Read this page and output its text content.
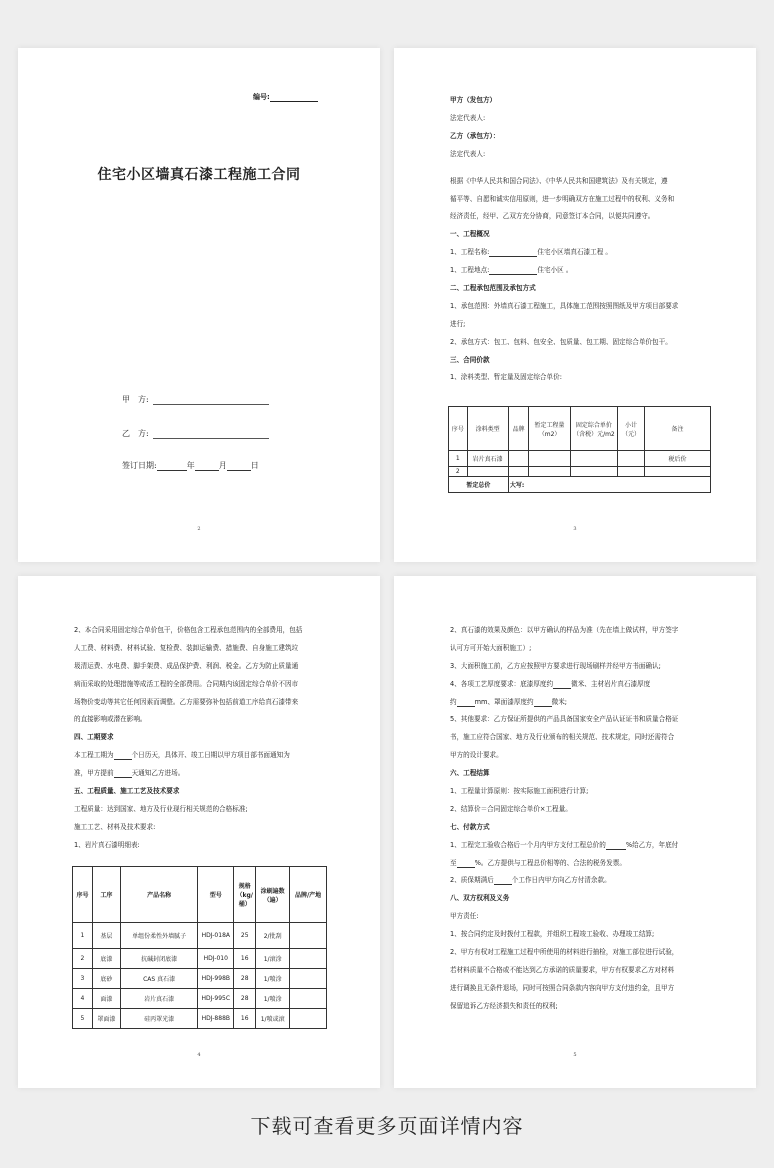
编号:
住宅小区墙真石漆工程施工合同
甲　方:
乙　方:
签订日期:	年	月	日
2

甲方（发包方）

法定代表人:

乙方（承包方）：

法定代表人:

根据《中华人民共和国合同法》、《中华人民共和国建筑法》及有关规定，遵

循平等、自愿和诚实信用原则，进一步明确双方在施工过程中的权利、义务和

经济责任，经甲、乙双方充分协商，同意签订本合同，以便共同遵守。

一、工程概况

1、工程名称:	住宅小区墙真石漆工程 。

1、工程地点:	住宅小区 。

二、工程承包范围及承包方式

1、承包范围：外墙真石漆工程施工，具体施工范围按照图纸及甲方项目部要求

进行;

2、承包方式：包工、包料、包安全、包质量、包工期、固定综合单价包干。

三、合同价款

1、涂料类型、暂定量及固定综合单价:

序号	涂料类型	品牌	暂定工程量（m2）	固定综合单价（含税）元/m2	小计（元）	备注
1	岩片真石漆					税后价
2						
暂定总价		大写:				
3

2、本合同采用固定综合单价包干，价格包含工程承包范围内的全部费用，包括

人工费、材料费、材料试验、复检费、装卸运输费、措施费、自身施工建筑垃

圾清运费、水电费、脚手架费、成品保护费、利润、税金。乙方为防止质量通

病而采取的处理措施等成活工程的全部费用。合同期内该固定综合单价不因市

场物价变动等其它任何因素而调整。乙方需要弥补包括前道工序给真石漆带来

的直接影响或潜在影响。

四、工期要求

本工程工期为	个日历天，具体开、竣工日期以甲方项目部书面通知为

准，甲方提前	天通知乙方进场。

五、工程质量、施工工艺及技术要求

工程质量：达到国家、地方及行业现行相关规范的合格标准;

施工工艺、材料及技术要求:

1、岩片真石漆明细表:

序号	工序	产品名称	型号	规格（kg/桶）	涂刷遍数（遍）	品牌/产地
1	基层	单组份柔性外墙腻子	HDJ-018A	25	2/批刮	
2	底漆	抗碱封闭底漆	HDJ-010	16	1/滚涂	
3	底砂	CAS 真石漆	HDJ-998B	28	1/喷涂	
4	面漆	岩片真石漆	HDJ-995C	28	1/喷涂	
5	罩面漆	硅丙罩光漆	HDJ-888B	16	1/喷或滚	
4

2、真石漆的效果及颜色：以甲方确认的样品为准（先在墙上做试样，甲方签字

认可方可开始大面积施工）;

3、大面积施工前，乙方应按照甲方要求进行现场刷样并经甲方书面确认;

4、各项工艺厚度要求：底漆厚度约	微米、主材岩片真石漆厚度

约	mm、罩面漆厚度约	微米;

5、其他要求：乙方保证所提供的产品具备国家安全产品认证证书和质量合格证

书，施工应符合国家、地方及行业颁布的相关规范、技术规定，同时还需符合

甲方的设计要求。

六、工程结算

1、工程量计算原则：按实际施工面积进行计算;

2、结算价＝合同固定综合单价×工程量。

七、付款方式

1、工程完工验收合格后一个月内甲方支付工程总价的	%给乙方，年底付

至	%。乙方提供与工程总价相等的、合法的税务发票。

2、质保期满后	个工作日内甲方向乙方付清余款。

八、双方权利及义务

甲方责任:

1、按合同约定及时拨付工程款，并组织工程竣工验收、办理竣工结算;

2、甲方有权对工程施工过程中所使用的材料进行抽检，对施工部位进行试验，

若材料质量不合格或不能达到乙方承诺的质量要求，甲方有权要求乙方对材料

进行调换且无条件退场，同时可按照合同条款内容向甲方支付违约金，且甲方

保留追诉乙方经济损失和责任的权利;

5
下载可查看更多页面详情内容
